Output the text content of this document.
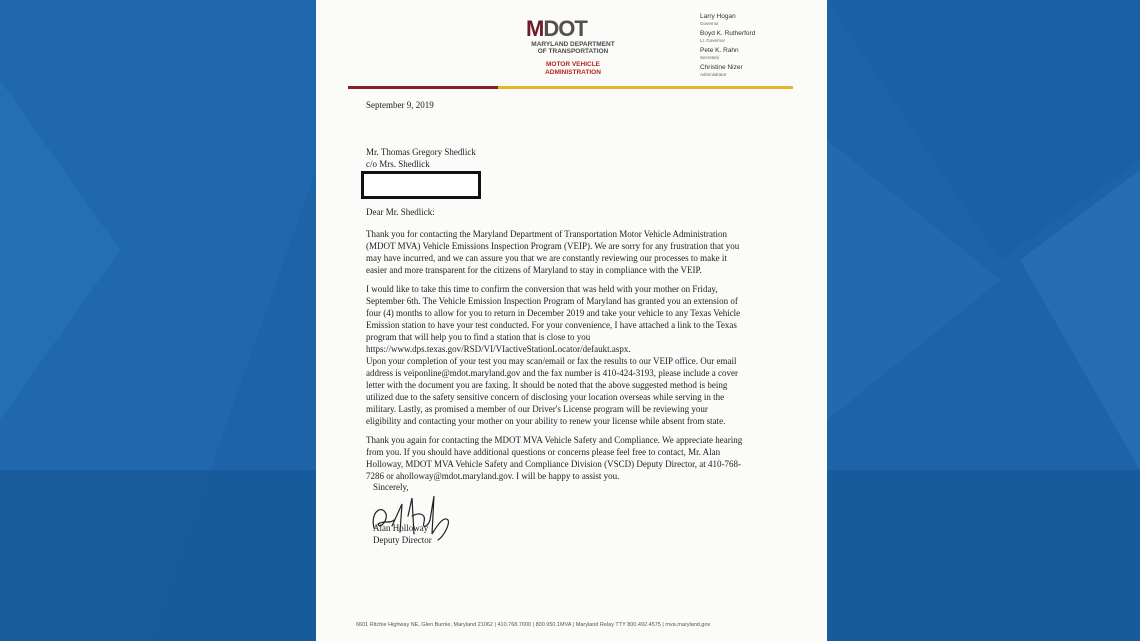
MDOT
MARYLAND DEPARTMENT
OF TRANSPORTATION
MOTOR VEHICLE
ADMINISTRATION
Larry Hogan
Governor
Boyd K. Rutherford
Lt. Governor
Pete K. Rahn
Secretary
Christine Nizer
Administrator
September 9, 2019
Mr. Thomas Gregory Shedlick
c/o Mrs. Shedlick
Dear Mr. Shedlick:
Thank you for contacting the Maryland Department of Transportation Motor Vehicle Administration
(MDOT MVA) Vehicle Emissions Inspection Program (VEIP). We are sorry for any frustration that you
may have incurred, and we can assure you that we are constantly reviewing our processes to make it
easier and more transparent for the citizens of Maryland to stay in compliance with the VEIP.
I would like to take this time to confirm the conversion that was held with your mother on Friday,
September 6th. The Vehicle Emission Inspection Program of Maryland has granted you an extension of
four (4) months to allow for you to return in December 2019 and take your vehicle to any Texas Vehicle
Emission station to have your test conducted. For your convenience, I have attached a link to the Texas
program that will help you to find a station that is close to you
https://www.dps.texas.gov/RSD/VI/VIactiveStationLocator/defaukt.aspx.
Upon your completion of your test you may scan/email or fax the results to our VEIP office. Our email
address is veiponline@mdot.maryland.gov and the fax number is 410-424-3193, please include a cover
letter with the document you are faxing. It should be noted that the above suggested method is being
utilized due to the safety sensitive concern of disclosing your location overseas while serving in the
military. Lastly, as promised a member of our Driver's License program will be reviewing your
eligibility and contacting your mother on your ability to renew your license while absent from state.
Thank you again for contacting the MDOT MVA Vehicle Safety and Compliance. We appreciate hearing
from you. If you should have additional questions or concerns please feel free to contact, Mr. Alan
Holloway, MDOT MVA Vehicle Safety and Compliance Division (VSCD) Deputy Director, at 410-768-
7286 or aholloway@mdot.maryland.gov. I will be happy to assist you.
Sincerely,
Alan Holloway
Deputy Director
6601 Ritchie Highway NE, Glen Burnie, Maryland 21062 | 410.768.7000 | 800.950.1MVA | Maryland Relay TTY 800.492.4575 | mva.maryland.gov
